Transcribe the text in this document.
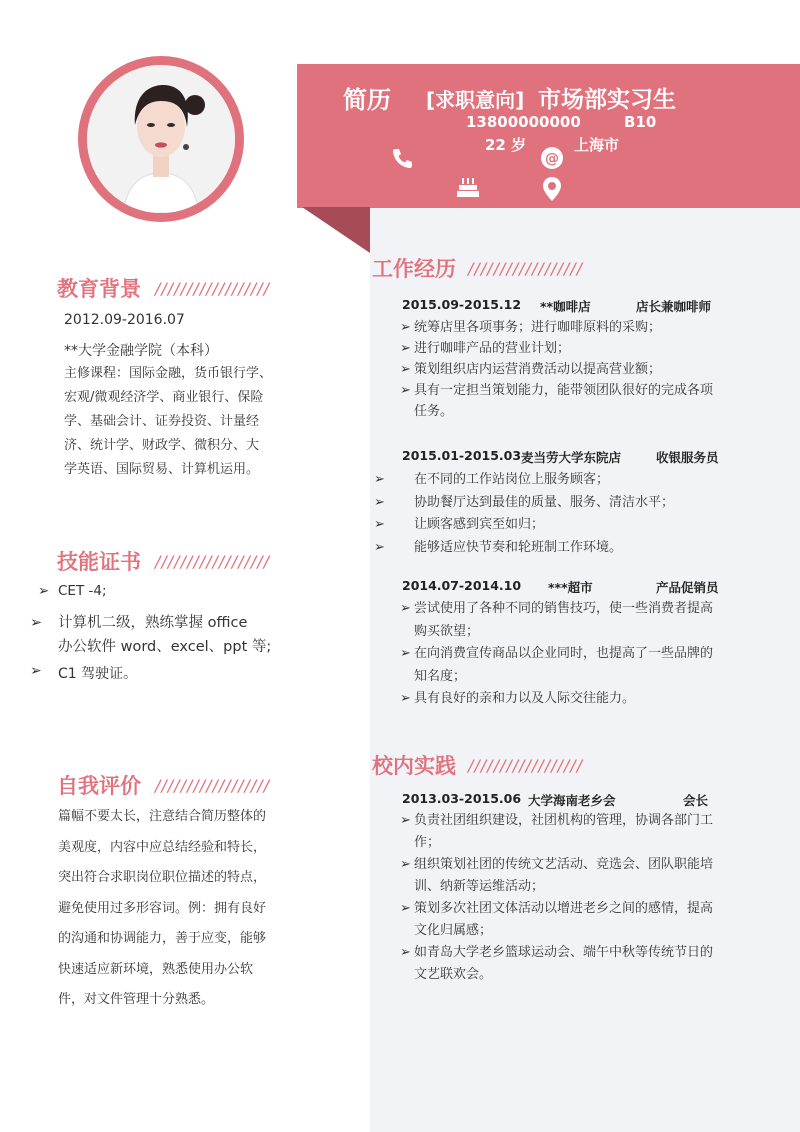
简历 [求职意向] 市场部实习生
13800000000	B10
22 岁	上海市
@
教育背景 //////////////////
2012.09-2016.07
**大学金融学院（本科）
主修课程：国际金融，货币银行学、
宏观/微观经济学、商业银行、保险
学、基础会计、证券投资、计量经
济、统计学、财政学、微积分、大
学英语、国际贸易、计算机运用。
技能证书 //////////////////
➢ CET -4;
➢ 计算机二级，熟练掌握 office
办公软件 word、excel、ppt 等;
➢ C1 驾驶证。
自我评价 //////////////////
篇幅不要太长，注意结合简历整体的
美观度，内容中应总结经验和特长，
突出符合求职岗位职位描述的特点，
避免使用过多形容词。例：拥有良好
的沟通和协调能力，善于应变，能够
快速适应新环境，熟悉使用办公软
件，对文件管理十分熟悉。
工作经历 //////////////////
2015.09-2015.12 **咖啡店	店长兼咖啡师
➢ 统筹店里各项事务；进行咖啡原料的采购；
➢ 进行咖啡产品的营业计划；
➢ 策划组织店内运营消费活动以提高营业额；
➢ 具有一定担当策划能力，能带领团队很好的完成各项
任务。
2015.01-2015.03 麦当劳大学东院店	收银服务员
➢ 在不同的工作站岗位上服务顾客；
➢ 协助餐厅达到最佳的质量、服务、清洁水平；
➢ 让顾客感到宾至如归；
➢ 能够适应快节奏和轮班制工作环境。
2014.07-2014.10 ***超市	产品促销员
➢ 尝试使用了各种不同的销售技巧，使一些消费者提高
购买欲望；
➢ 在向消费宣传商品以企业同时，也提高了一些品牌的
知名度；
➢ 具有良好的亲和力以及人际交往能力。
校内实践 //////////////////
2013.03-2015.06 大学海南老乡会	会长
➢ 负责社团组织建设，社团机构的管理，协调各部门工
作；
➢ 组织策划社团的传统文艺活动、竞选会、团队职能培
训、纳新等运维活动；
➢ 策划多次社团文体活动以增进老乡之间的感情，提高
文化归属感；
➢ 如青岛大学老乡篮球运动会、端午中秋等传统节日的
文艺联欢会。
